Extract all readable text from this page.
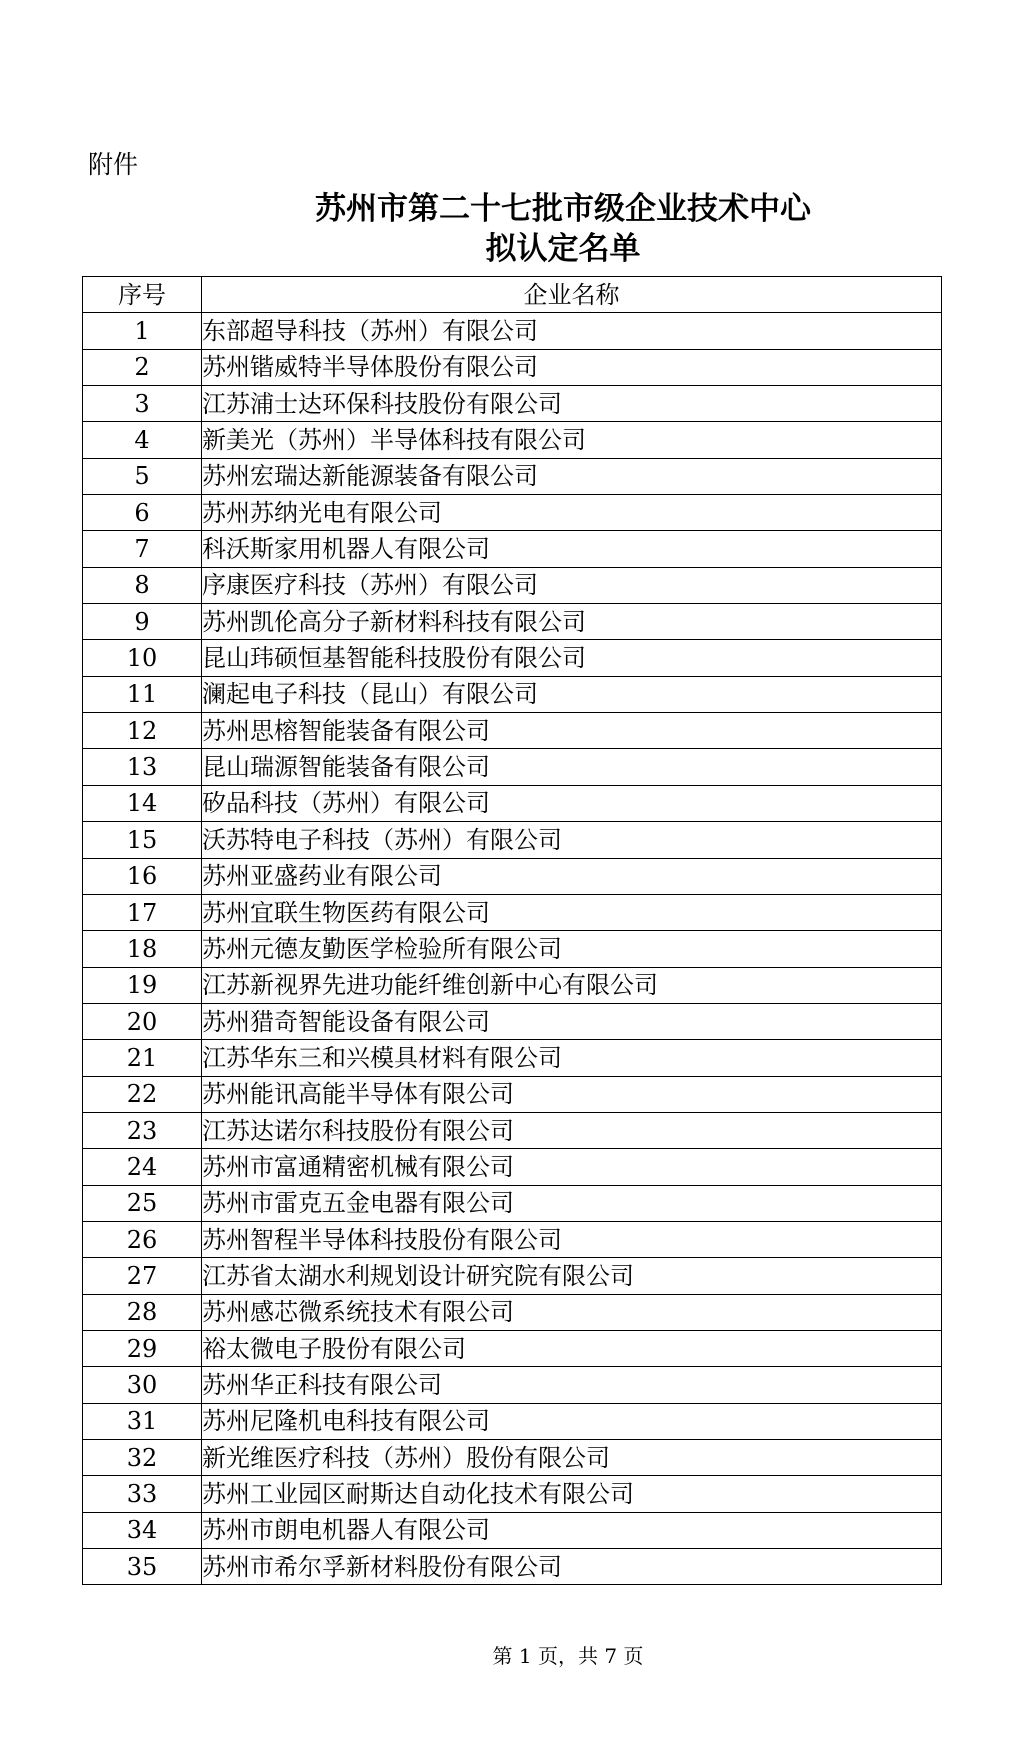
附件
苏州市第二十七批市级企业技术中心
拟认定名单
序号	企业名称
1	东部超导科技（苏州）有限公司
2	苏州锴威特半导体股份有限公司
3	江苏浦士达环保科技股份有限公司
4	新美光（苏州）半导体科技有限公司
5	苏州宏瑞达新能源装备有限公司
6	苏州苏纳光电有限公司
7	科沃斯家用机器人有限公司
8	序康医疗科技（苏州）有限公司
9	苏州凯伦高分子新材料科技有限公司
10	昆山玮硕恒基智能科技股份有限公司
11	澜起电子科技（昆山）有限公司
12	苏州思榕智能装备有限公司
13	昆山瑞源智能装备有限公司
14	矽品科技（苏州）有限公司
15	沃苏特电子科技（苏州）有限公司
16	苏州亚盛药业有限公司
17	苏州宜联生物医药有限公司
18	苏州元德友勤医学检验所有限公司
19	江苏新视界先进功能纤维创新中心有限公司
20	苏州猎奇智能设备有限公司
21	江苏华东三和兴模具材料有限公司
22	苏州能讯高能半导体有限公司
23	江苏达诺尔科技股份有限公司
24	苏州市富通精密机械有限公司
25	苏州市雷克五金电器有限公司
26	苏州智程半导体科技股份有限公司
27	江苏省太湖水利规划设计研究院有限公司
28	苏州感芯微系统技术有限公司
29	裕太微电子股份有限公司
30	苏州华正科技有限公司
31	苏州尼隆机电科技有限公司
32	新光维医疗科技（苏州）股份有限公司
33	苏州工业园区耐斯达自动化技术有限公司
34	苏州市朗电机器人有限公司
35	苏州市希尔孚新材料股份有限公司
第 1 页，共 7 页
